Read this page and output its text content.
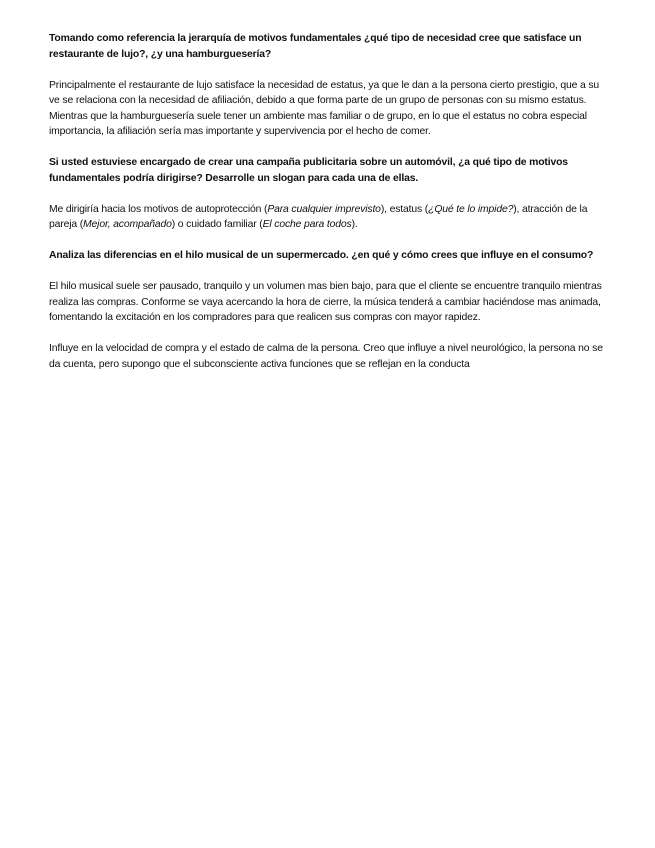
Tomando como referencia la jerarquía de motivos fundamentales ¿qué tipo de necesidad cree que satisface un restaurante de lujo?, ¿y una hamburguesería?

Principalmente el restaurante de lujo satisface la necesidad de estatus, ya que le dan a la persona cierto prestigio, que a su ve se relaciona con la necesidad de afiliación, debido a que forma parte de un grupo de personas con su mismo estatus. Mientras que la hamburguesería suele tener un ambiente mas familiar o de grupo, en lo que el estatus no cobra especial importancia, la afiliación sería mas importante y supervivencia por el hecho de comer.

Si usted estuviese encargado de crear una campaña publicitaria sobre un automóvil, ¿a qué tipo de motivos fundamentales podría dirigirse? Desarrolle un slogan para cada una de ellas.

Me dirigiría hacia los motivos de autoprotección (Para cualquier imprevisto), estatus (¿Qué te lo impide?), atracción de la pareja (Mejor, acompañado) o cuidado familiar (El coche para todos).

Analiza las diferencias en el hilo musical de un supermercado. ¿en qué y cómo crees que influye en el consumo?

El hilo musical suele ser pausado, tranquilo y un volumen mas bien bajo, para que el cliente se encuentre tranquilo mientras realiza las compras. Conforme se vaya acercando la hora de cierre, la música tenderá a cambiar haciéndose mas animada, fomentando la excitación en los compradores para que realicen sus compras con mayor rapidez.

Influye en la velocidad de compra y el estado de calma de la persona. Creo que influye a nivel neurológico, la persona no se da cuenta, pero supongo que el subconsciente activa funciones que se reflejan en la conducta
